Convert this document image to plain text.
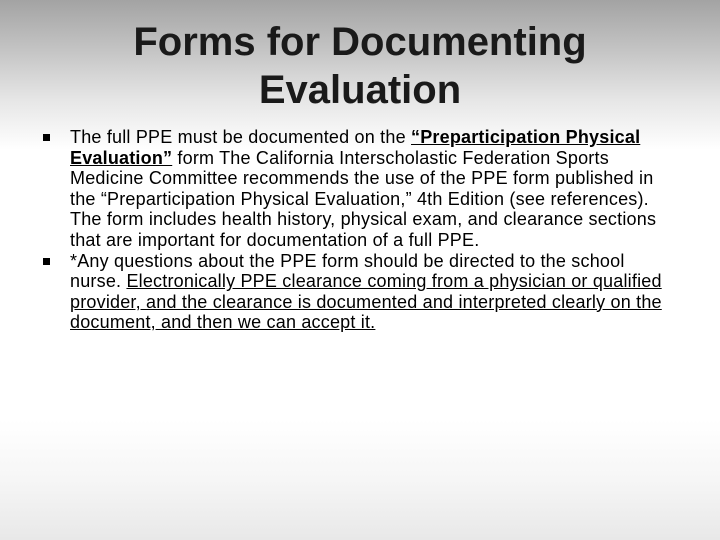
Forms for Documenting
Evaluation
The full PPE must be documented on the “Preparticipation Physical Evaluation” form The California Interscholastic Federation Sports Medicine Committee recommends the use of the PPE form published in the “Preparticipation Physical Evaluation,” 4th Edition (see references). The form includes health history, physical exam, and clearance sections that are important for documentation of a full PPE.
*Any questions about the PPE form should be directed to the school nurse. Electronically PPE clearance coming from a physician or qualified provider, and the clearance is documented and interpreted clearly on the document, and then we can accept it.
